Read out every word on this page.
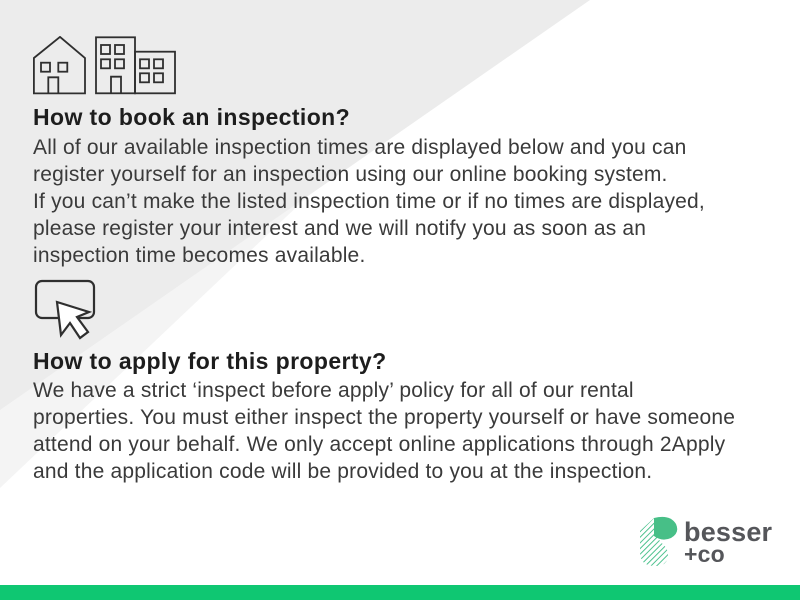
How to book an inspection?
All of our available inspection times are displayed below and you can
register yourself for an inspection using our online booking system.
If you can’t make the listed inspection time or if no times are displayed,
please register your interest and we will notify you as soon as an
inspection time becomes available.
How to apply for this property?
We have a strict ‘inspect before apply’ policy for all of our rental
properties. You must either inspect the property yourself or have someone
attend on your behalf. We only accept online applications through 2Apply
and the application code will be provided to you at the inspection.
besser
+co
